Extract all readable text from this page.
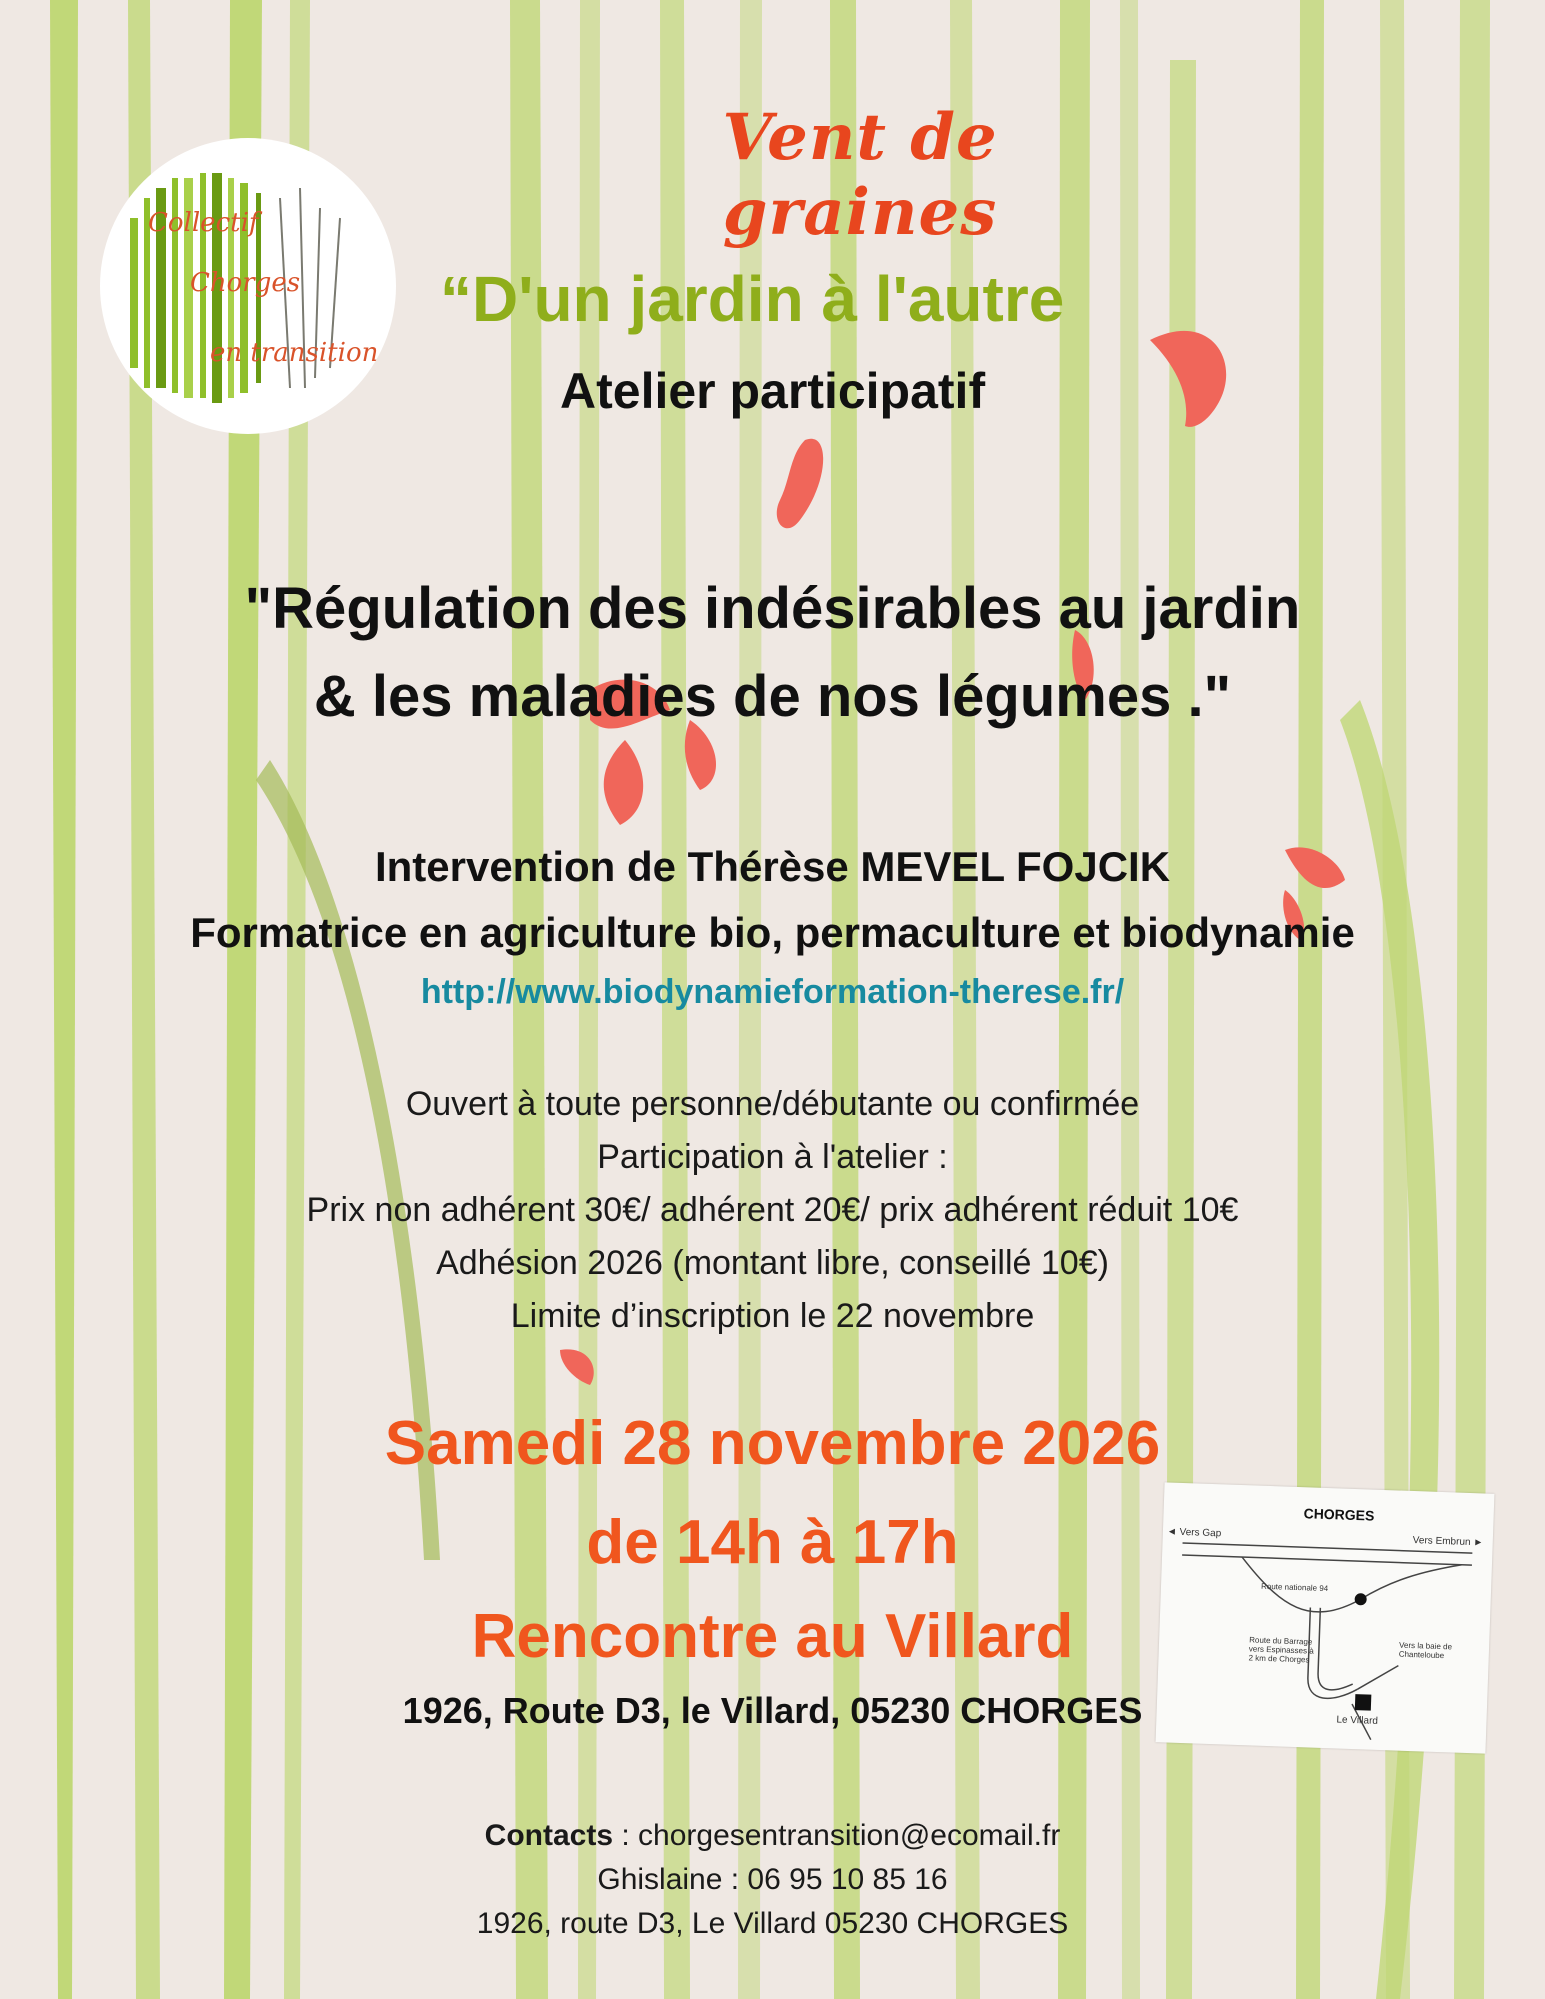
Collectif
Chorges
en transition
Vent de graines
“D'un jardin à l'autre
Atelier participatif
"Régulation des indésirables au jardin
& les maladies de nos légumes ."
Intervention de Thérèse MEVEL FOJCIK
Formatrice en agriculture bio, permaculture et biodynamie
http://www.biodynamieformation-therese.fr/
Ouvert à toute personne/débutante ou confirmée
Participation à l'atelier :
Prix non adhérent 30€/ adhérent 20€/ prix adhérent réduit 10€
Adhésion 2026 (montant libre, conseillé 10€)
Limite d’inscription le 22 novembre
Samedi 28 novembre 2026
de 14h à 17h
Rencontre au Villard
1926, Route D3, le Villard, 05230 CHORGES
CHORGES
◄ Vers Gap
Vers Embrun ►
Route nationale 94
Route du Barrage vers Espinasses à 2 km de Chorges
Vers la baie de Chanteloube
Le Villard
Contacts : chorgesentransition@ecomail.fr
Ghislaine : 06 95 10 85 16
1926, route D3, Le Villard 05230 CHORGES
